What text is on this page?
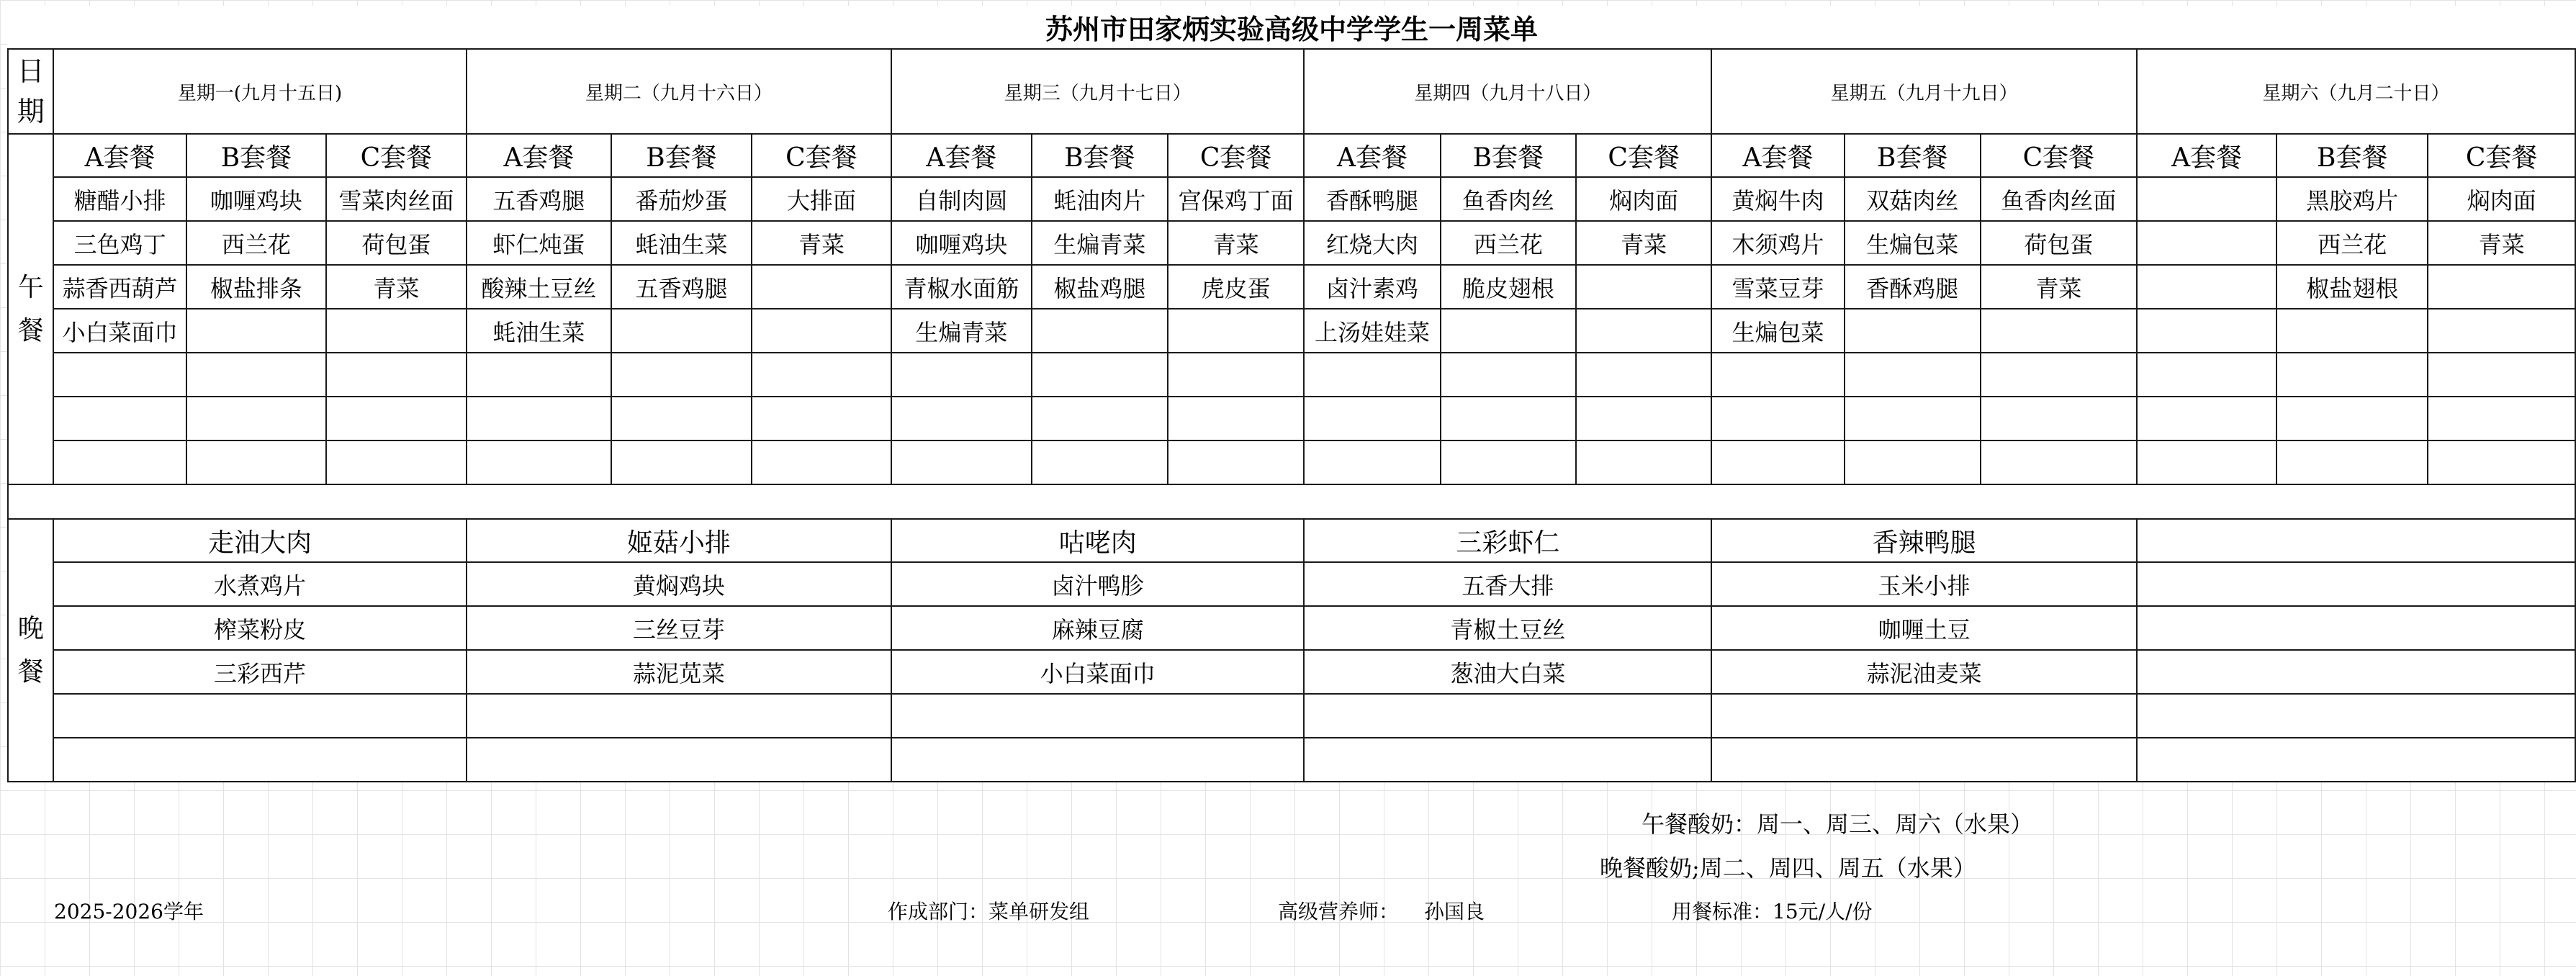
苏州市田家炳实验高级中学学生一周菜单																		
日
期	星期一(九月十五日)			星期二（九月十六日）			星期三（九月十七日）			星期四（九月十八日）			星期五（九月十九日）			星期六（九月二十日）		
午
餐	A套餐	B套餐	C套餐	A套餐	B套餐	C套餐	A套餐	B套餐	C套餐	A套餐	B套餐	C套餐	A套餐	B套餐	C套餐	A套餐	B套餐	C套餐
	糖醋小排	咖喱鸡块	雪菜肉丝面	五香鸡腿	番茄炒蛋	大排面	自制肉圆	蚝油肉片	宫保鸡丁面	香酥鸭腿	鱼香肉丝	焖肉面	黄焖牛肉	双菇肉丝	鱼香肉丝面		黑胶鸡片	焖肉面
	三色鸡丁	西兰花	荷包蛋	虾仁炖蛋	蚝油生菜	青菜	咖喱鸡块	生煸青菜	青菜	红烧大肉	西兰花	青菜	木须鸡片	生煸包菜	荷包蛋		西兰花	青菜
	蒜香西葫芦	椒盐排条	青菜	酸辣土豆丝	五香鸡腿		青椒水面筋	椒盐鸡腿	虎皮蛋	卤汁素鸡	脆皮翅根		雪菜豆芽	香酥鸡腿	青菜		椒盐翅根	
	小白菜面巾			蚝油生菜			生煸青菜			上汤娃娃菜			生煸包菜					

晚
餐	走油大肉			姬菇小排			咕咾肉			三彩虾仁			香辣鸭腿					
	水煮鸡片			黄焖鸡块			卤汁鸭胗			五香大排			玉米小排					
	榨菜粉皮			三丝豆芽			麻辣豆腐			青椒土豆丝			咖喱土豆					
	三彩西芹			蒜泥苋菜			小白菜面巾			葱油大白菜			蒜泥油麦菜					

午餐酸奶：周一、周三、周六（水果）
晚餐酸奶;周二、周四、周五（水果）
2025-2026学年	作成部门：菜单研发组	高级营养师： 孙国良	用餐标准：15元/人/份
